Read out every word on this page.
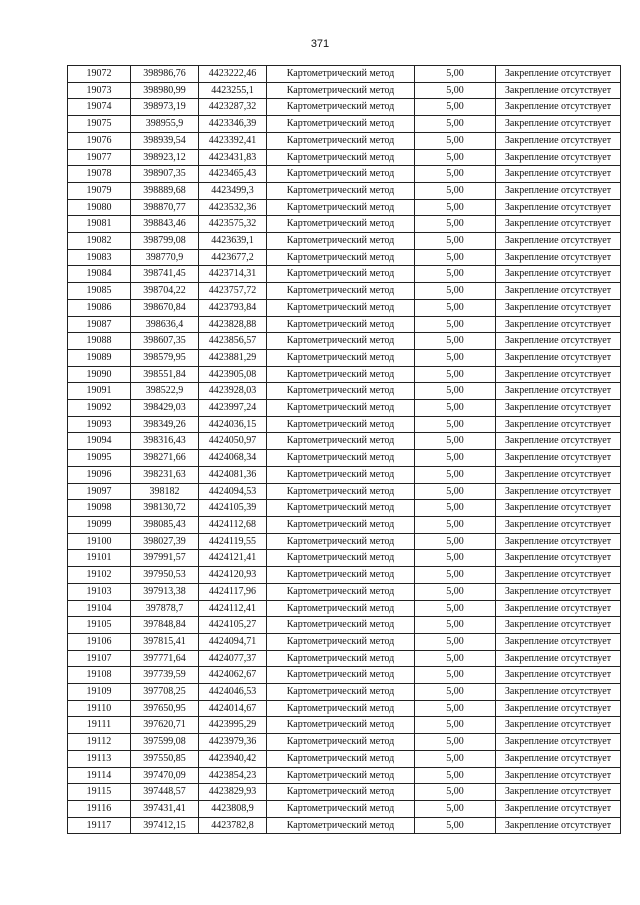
371
19072	398986,76	4423222,46	Картометрический метод	5,00	Закрепление отсутствует
19073	398980,99	4423255,1	Картометрический метод	5,00	Закрепление отсутствует
19074	398973,19	4423287,32	Картометрический метод	5,00	Закрепление отсутствует
19075	398955,9	4423346,39	Картометрический метод	5,00	Закрепление отсутствует
19076	398939,54	4423392,41	Картометрический метод	5,00	Закрепление отсутствует
19077	398923,12	4423431,83	Картометрический метод	5,00	Закрепление отсутствует
19078	398907,35	4423465,43	Картометрический метод	5,00	Закрепление отсутствует
19079	398889,68	4423499,3	Картометрический метод	5,00	Закрепление отсутствует
19080	398870,77	4423532,36	Картометрический метод	5,00	Закрепление отсутствует
19081	398843,46	4423575,32	Картометрический метод	5,00	Закрепление отсутствует
19082	398799,08	4423639,1	Картометрический метод	5,00	Закрепление отсутствует
19083	398770,9	4423677,2	Картометрический метод	5,00	Закрепление отсутствует
19084	398741,45	4423714,31	Картометрический метод	5,00	Закрепление отсутствует
19085	398704,22	4423757,72	Картометрический метод	5,00	Закрепление отсутствует
19086	398670,84	4423793,84	Картометрический метод	5,00	Закрепление отсутствует
19087	398636,4	4423828,88	Картометрический метод	5,00	Закрепление отсутствует
19088	398607,35	4423856,57	Картометрический метод	5,00	Закрепление отсутствует
19089	398579,95	4423881,29	Картометрический метод	5,00	Закрепление отсутствует
19090	398551,84	4423905,08	Картометрический метод	5,00	Закрепление отсутствует
19091	398522,9	4423928,03	Картометрический метод	5,00	Закрепление отсутствует
19092	398429,03	4423997,24	Картометрический метод	5,00	Закрепление отсутствует
19093	398349,26	4424036,15	Картометрический метод	5,00	Закрепление отсутствует
19094	398316,43	4424050,97	Картометрический метод	5,00	Закрепление отсутствует
19095	398271,66	4424068,34	Картометрический метод	5,00	Закрепление отсутствует
19096	398231,63	4424081,36	Картометрический метод	5,00	Закрепление отсутствует
19097	398182	4424094,53	Картометрический метод	5,00	Закрепление отсутствует
19098	398130,72	4424105,39	Картометрический метод	5,00	Закрепление отсутствует
19099	398085,43	4424112,68	Картометрический метод	5,00	Закрепление отсутствует
19100	398027,39	4424119,55	Картометрический метод	5,00	Закрепление отсутствует
19101	397991,57	4424121,41	Картометрический метод	5,00	Закрепление отсутствует
19102	397950,53	4424120,93	Картометрический метод	5,00	Закрепление отсутствует
19103	397913,38	4424117,96	Картометрический метод	5,00	Закрепление отсутствует
19104	397878,7	4424112,41	Картометрический метод	5,00	Закрепление отсутствует
19105	397848,84	4424105,27	Картометрический метод	5,00	Закрепление отсутствует
19106	397815,41	4424094,71	Картометрический метод	5,00	Закрепление отсутствует
19107	397771,64	4424077,37	Картометрический метод	5,00	Закрепление отсутствует
19108	397739,59	4424062,67	Картометрический метод	5,00	Закрепление отсутствует
19109	397708,25	4424046,53	Картометрический метод	5,00	Закрепление отсутствует
19110	397650,95	4424014,67	Картометрический метод	5,00	Закрепление отсутствует
19111	397620,71	4423995,29	Картометрический метод	5,00	Закрепление отсутствует
19112	397599,08	4423979,36	Картометрический метод	5,00	Закрепление отсутствует
19113	397550,85	4423940,42	Картометрический метод	5,00	Закрепление отсутствует
19114	397470,09	4423854,23	Картометрический метод	5,00	Закрепление отсутствует
19115	397448,57	4423829,93	Картометрический метод	5,00	Закрепление отсутствует
19116	397431,41	4423808,9	Картометрический метод	5,00	Закрепление отсутствует
19117	397412,15	4423782,8	Картометрический метод	5,00	Закрепление отсутствует
